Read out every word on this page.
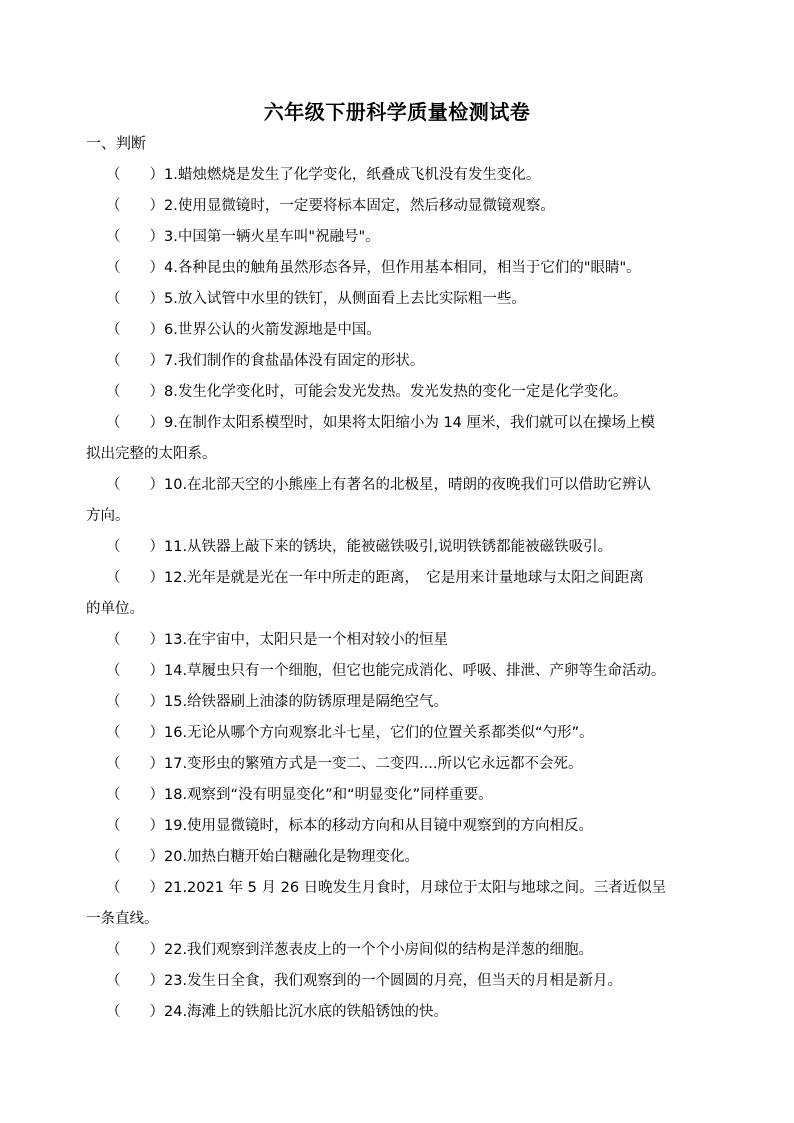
六年级下册科学质量检测试卷
一、判断
（　　）1.蜡烛燃烧是发生了化学变化，纸叠成飞机没有发生变化。
（　　）2.使用显微镜时，一定要将标本固定，然后移动显微镜观察。
（　　）3.中国第一辆火星车叫"祝融号"。
（　　）4.各种昆虫的触角虽然形态各异，但作用基本相同，相当于它们的"眼睛"。
（　　）5.放入试管中水里的铁钉，从侧面看上去比实际粗一些。
（　　）6.世界公认的火箭发源地是中国。
（　　）7.我们制作的食盐晶体没有固定的形状。
（　　）8.发生化学变化时，可能会发光发热。发光发热的变化一定是化学变化。
（　　）9.在制作太阳系模型时，如果将太阳缩小为 14 厘米，我们就可以在操场上模
拟出完整的太阳系。
（　　）10.在北部天空的小熊座上有著名的北极星，晴朗的夜晚我们可以借助它辨认
方向。
（　　）11.从铁器上敲下来的锈块，能被磁铁吸引,说明铁锈都能被磁铁吸引。
（　　）12.光年是就是光在一年中所走的距离，　它是用来计量地球与太阳之间距离
的单位。
（　　）13.在宇宙中，太阳只是一个相对较小的恒星
（　　）14.草履虫只有一个细胞，但它也能完成消化、呼吸、排泄、产卵等生命活动。
（　　）15.给铁器刷上油漆的防锈原理是隔绝空气。
（　　）16.无论从哪个方向观察北斗七星，它们的位置关系都类似“勺形”。
（　　）17.变形虫的繁殖方式是一变二、二变四....所以它永远都不会死。
（　　）18.观察到“没有明显变化”和“明显变化”同样重要。
（　　）19.使用显微镜时，标本的移动方向和从目镜中观察到的方向相反。
（　　）20.加热白糖开始白糖融化是物理变化。
（　　）21.2021 年 5 月 26 日晚发生月食时，月球位于太阳与地球之间。三者近似呈
一条直线。
（　　）22.我们观察到洋葱表皮上的一个个小房间似的结构是洋葱的细胞。
（　　）23.发生日全食，我们观察到的一个圆圆的月亮，但当天的月相是新月。
（　　）24.海滩上的铁船比沉水底的铁船锈蚀的快。
